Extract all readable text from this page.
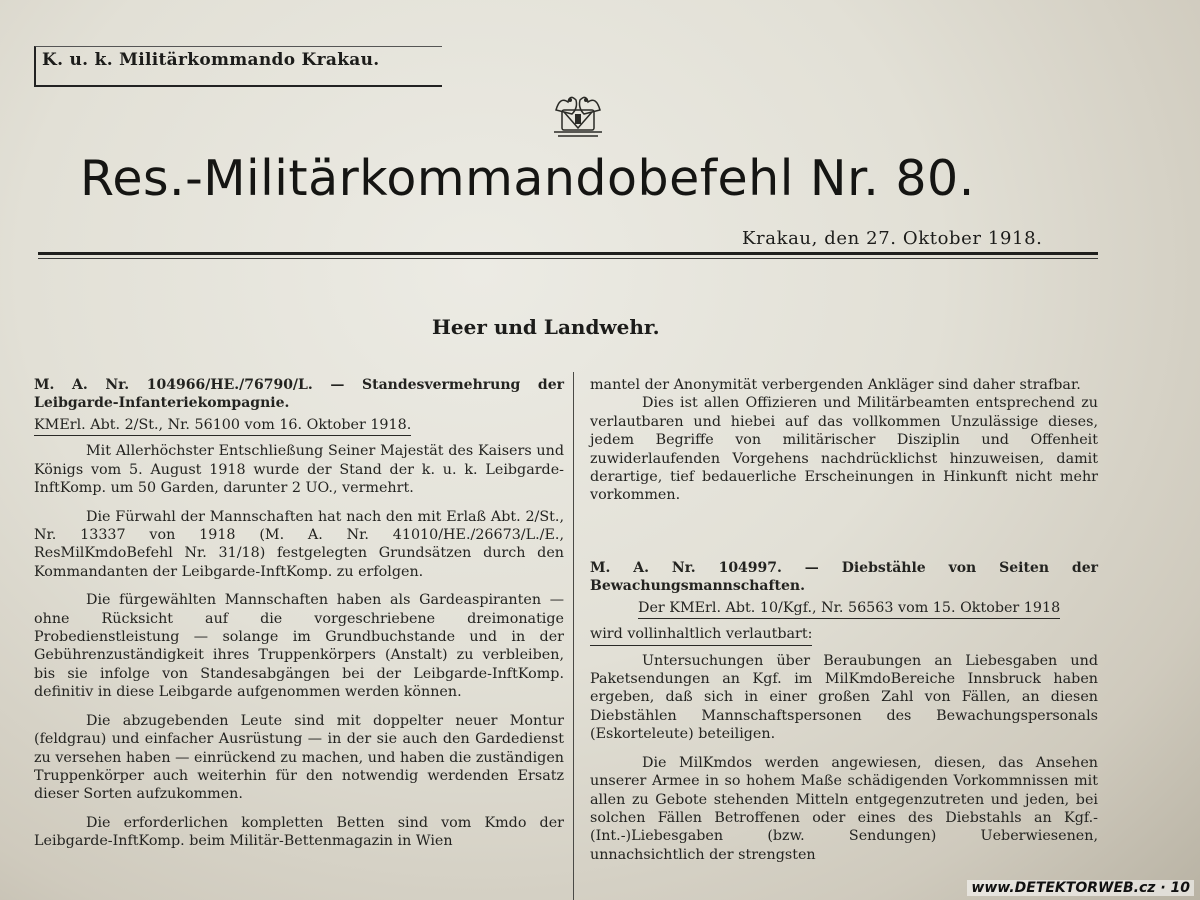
K. u. k. Militärkommando Krakau.
Res.-Militärkommandobefehl Nr. 80.
Krakau, den 27. Oktober 1918.
Heer und Landwehr.

M. A. Nr. 104966/HE./76790/L. — Standesvermehrung der Leibgarde-Infanteriekompagnie.

KMErl. Abt. 2/St., Nr. 56100 vom 16. Oktober 1918.

Mit Allerhöchster Entschließung Seiner Majestät des Kaisers und Königs vom 5. August 1918 wurde der Stand der k. u. k. Leibgarde-InftKomp. um 50 Garden, darunter 2 UO., vermehrt.

Die Fürwahl der Mannschaften hat nach den mit Erlaß Abt. 2/St., Nr. 13337 von 1918 (M. A. Nr. 41010/HE./26673/L./E., ResMilKmdoBefehl Nr. 31/18) festgelegten Grundsätzen durch den Kommandanten der Leibgarde-InftKomp. zu erfolgen.

Die fürgewählten Mannschaften haben als Gardeaspiranten — ohne Rücksicht auf die vorgeschriebene dreimonatige Probedienstleistung — solange im Grundbuchstande und in der Gebührenzuständigkeit ihres Truppenkörpers (Anstalt) zu verbleiben, bis sie infolge von Standesabgängen bei der Leibgarde-InftKomp. definitiv in diese Leibgarde aufgenommen werden können.

Die abzugebenden Leute sind mit doppelter neuer Montur (feldgrau) und einfacher Ausrüstung — in der sie auch den Gardedienst zu versehen haben — einrückend zu machen, und haben die zuständigen Truppenkörper auch weiterhin für den notwendig werdenden Ersatz dieser Sorten aufzukommen.

Die erforderlichen kompletten Betten sind vom Kmdo der Leibgarde-InftKomp. beim Militär-Bettenmagazin in Wien

mantel der Anonymität verbergenden Ankläger sind daher strafbar.

Dies ist allen Offizieren und Militärbeamten entsprechend zu verlautbaren und hiebei auf das vollkommen Unzulässige dieses, jedem Begriffe von militärischer Disziplin und Offenheit zuwiderlaufenden Vorgehens nachdrücklichst hinzuweisen, damit derartige, tief bedauerliche Erscheinungen in Hinkunft nicht mehr vorkommen.

M. A. Nr. 104997. — Diebstähle von Seiten der Bewachungsmannschaften.

Der KMErl. Abt. 10/Kgf., Nr. 56563 vom 15. Oktober 1918 wird vollinhaltlich verlautbart:

Untersuchungen über Beraubungen an Liebesgaben und Paketsendungen an Kgf. im MilKmdoBereiche Innsbruck haben ergeben, daß sich in einer großen Zahl von Fällen, an diesen Diebstählen Mannschaftspersonen des Bewachungspersonals (Eskorteleute) beteiligen.

Die MilKmdos werden angewiesen, diesen, das Ansehen unserer Armee in so hohem Maße schädigenden Vorkommnissen mit allen zu Gebote stehenden Mitteln entgegenzutreten und jeden, bei solchen Fällen Betroffenen oder eines des Diebstahls an Kgf.-(Int.-)Liebesgaben (bzw. Sendungen) Ueberwiesenen, unnachsichtlich der strengsten

www.DETEKTORWEB.cz · 10
